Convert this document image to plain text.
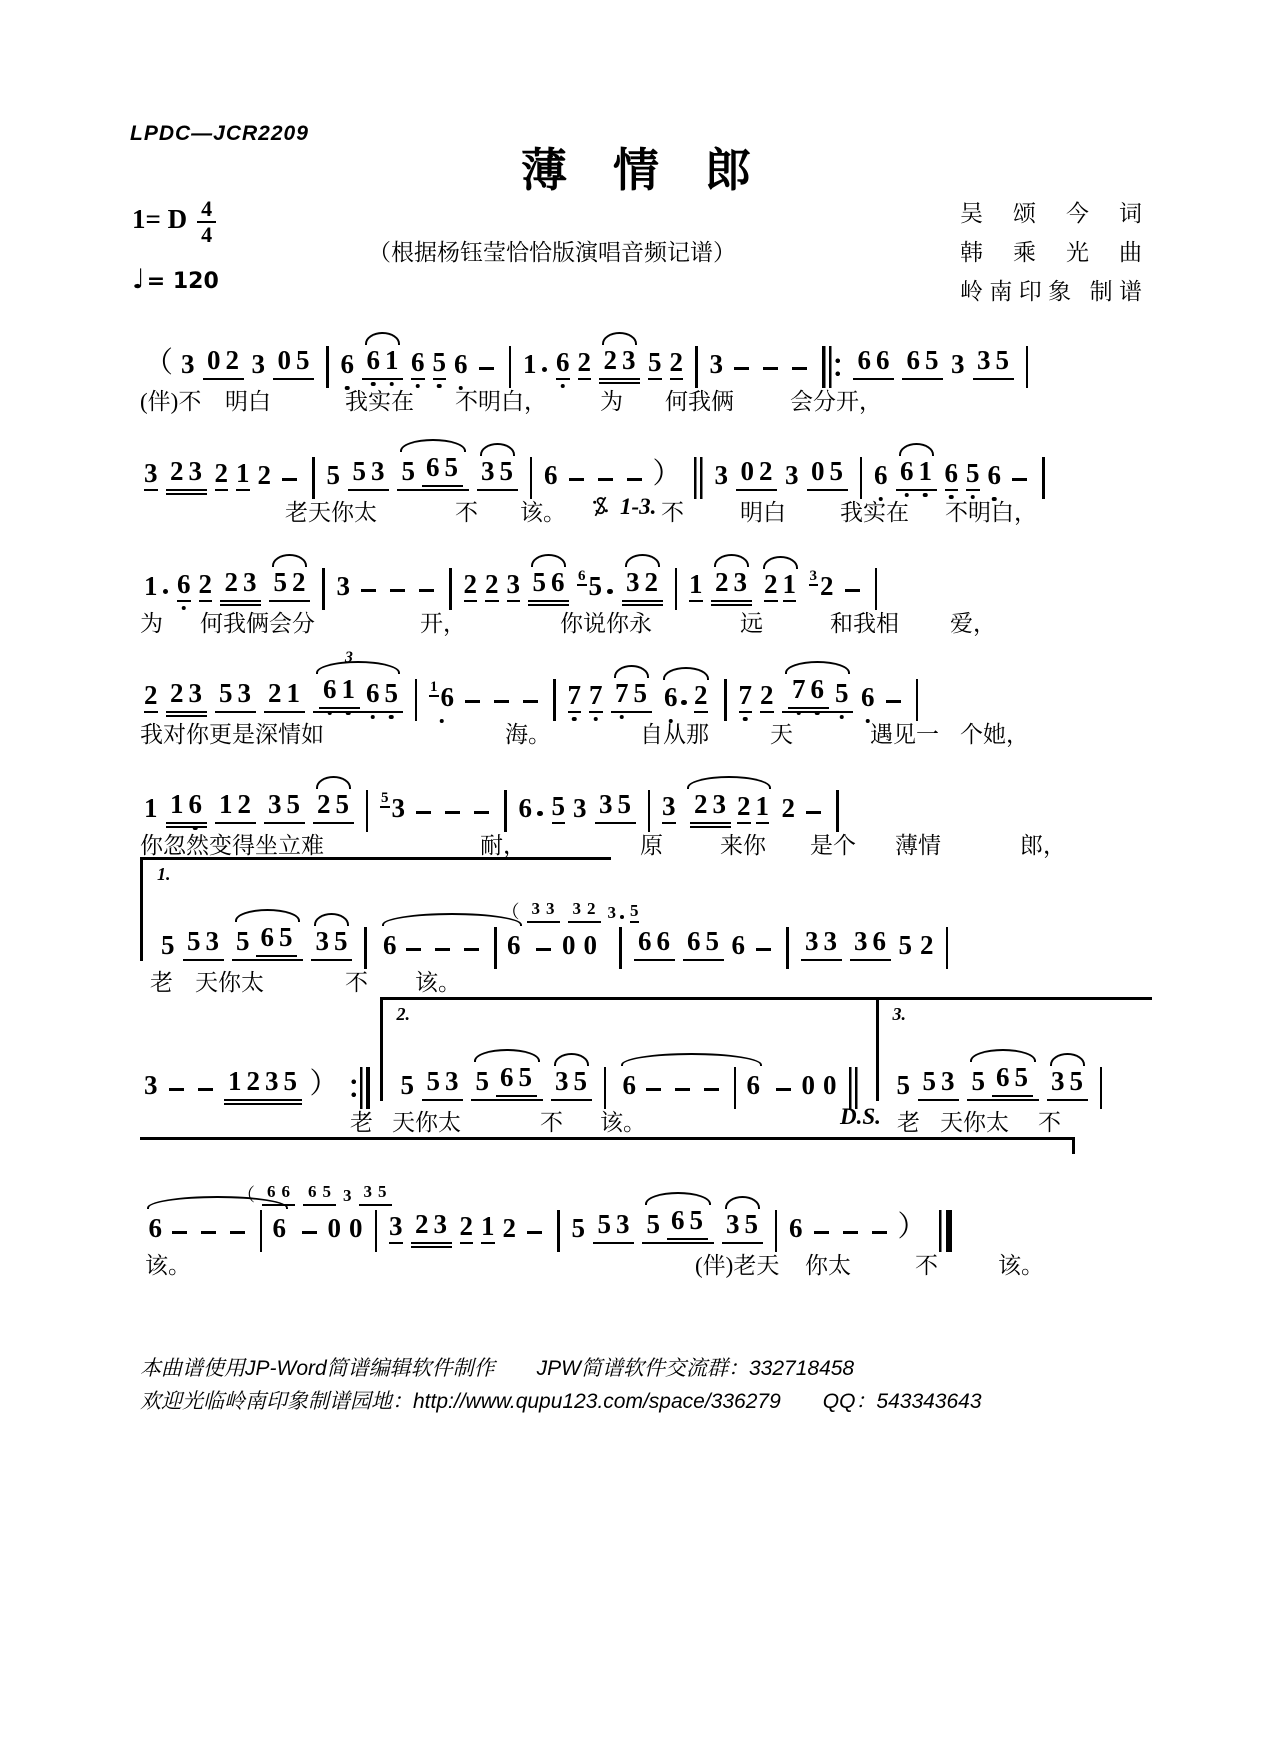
LPDC—JCR2209
薄情郎
1= D $\frac{4}{4}$
♩= 120
（根据杨钰莹恰恰版演唱音频记谱）
吴 颂 今 词
韩 乘 光 曲
岭南印象 制谱
（ 3 0 2 3 0 5 6 6 1 6 5 6 1 6 2 2 3 5 2 3	6 6 6 5 3 3 5
(伴)不 明白	我实在 不明白， 为 何我俩 会分开，
3 2 3 2 1 2 5 5 3 5 6 5 3 5 6	） 3 0 2 3 0 5 6 6 1 6 5 6
老天你太	不 该。 1-3. 不 明白 我实在 不明白，
1 6 2 2 3 5 2 3	2 2 3 5 6 6 5 3 2 1 2 3 2 1 3 2
为 何我俩会分	开，	你说你永	远	和我相 爱，
2 2 3 5 3 2 1 6 1 6 5
3 1 6	7 7 7 5 6 2 7 2 7 6 5 6
我对你更是深情如	海。	自从那	天	遇见一 个她，
1 1 6 1 2 3 5 2 5 5 3	6 5 3 3 5 3 2 3 2 1 2
你忽然变得坐立难	耐，	原 来你 是个 薄情	郎，
1.
5 5 3 5 6 5 3 5 6	6
（ 3 3 3 2 3 5
0 0 6 6 6 5 6 3 3 3 6 5 2
老 天你太	不 该。
3	1 2 3 5 ）
2.
5 5 3 5 6 5 3 5 6	6 0 0
3.
5 5 3 5 6 5 3 5
老 天你太	不 该。	D.S. 老 天你太 不
6	6
（ 6 6 6 5 3 3 5
0 0 3 2 3 2 1 2 5 5 3 5 6 5 3 5 6	）
该。	(伴)老天 你太	不	该。
本曲谱使用JP-Word简谱编辑软件制作　　JPW简谱软件交流群：332718458
欢迎光临岭南印象制谱园地：http://www.qupu123.com/space/336279　　QQ：543343643
